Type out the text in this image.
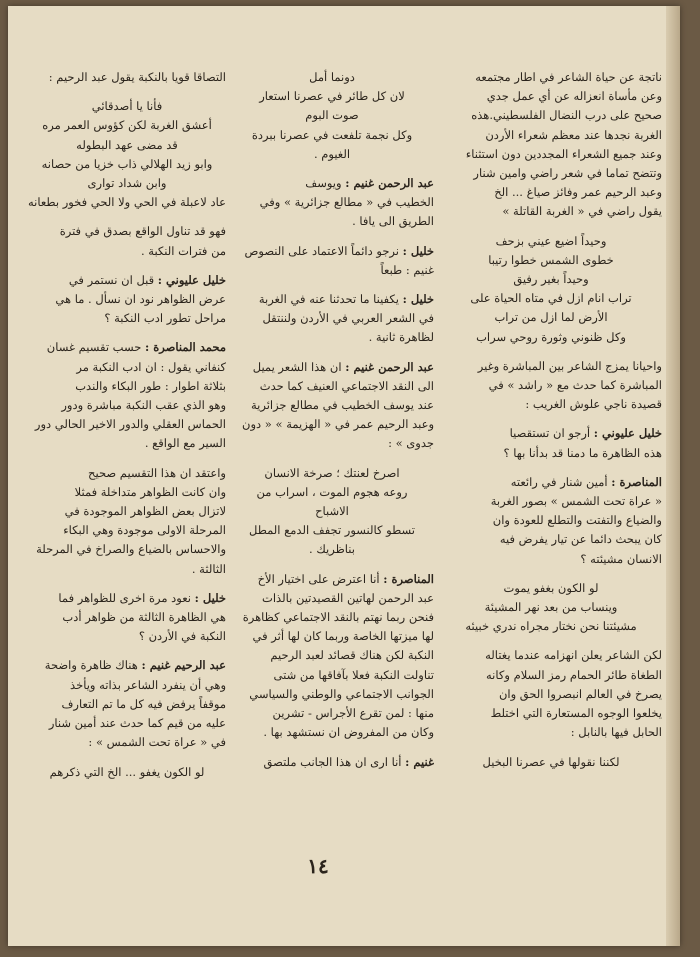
ناتجة عن حياة الشاعر في اطار مجتمعه
وعن مأساة انعزاله عن أي عمل جدي
صحيح على درب النضال الفلسطيني.هذه
الغربة نجدها عند معظم شعراء الأردن
وعند جميع الشعراء المجددين دون استثناء
وتتضح تماما في شعر راضي وامين شنار
وعبد الرحيم عمر وفائز صياغ ... الخ
يقول راضي في « الغربة القاتلة »

وحيداً اضيع عيني بزحف
خطوى الشمس خطوا رتيبا
وحيداً بغير رفيق
تراب انام ازل في متاه الحياة على
الأرض لما ازل من تراب
وكل ظنوني وثورة روحي سراب

واحيانا يمزج الشاعر بين المباشرة وغير
المباشرة كما حدث مع « راشد » في
قصيدة ناجي علوش الغريب :

خليل عليوني : أرجو ان تستقصيا
هذه الظاهرة ما دمنا قد بدأنا بها ؟

المناصرة : أمين شنار في رائعته
« عراة تحت الشمس » بصور الغربة
والضياع والتفتت والتطلع للعودة وان
كان يبحث دائما عن تيار يفرض فيه
الانسان مشيئته ؟

لو الكون بغفو يموت
وينساب من بعد نهر المشيئة
مشيئتنا نحن نختار مجراه ندري خبيئه

لكن الشاعر يعلن انهزامه عندما يغتاله
الطغاة طائر الحمام رمز السلام وكانه
يصرخ في العالم انبصروا الحق وان
يخلعوا الوجوه المستعارة التي اختلط
الحابل فيها بالنابل :

لكننا نقولها في عصرنا البخيل

دونما أمل
لان كل طائر في عصرنا استعار
صوت البوم
وكل نجمة تلفعت في عصرنا ببردة
الغيوم .

عبد الرحمن غنيم : ويوسف
الخطيب في « مطالع جزائرية » وفي
الطريق الى يافا .

خليل : نرجو دائماً الاعتماد على النصوص
غنيم : طبعاً

خليل : يكفينا ما تحدثنا عنه في الغربة
في الشعر العربي في الأردن ولننتقل
لظاهرة ثانية .

عبد الرحمن غنيم : ان هذا الشعر يميل
الى النقد الاجتماعي العنيف كما حدث
عند يوسف الخطيب في مطالع جزائرية
وعبد الرحيم عمر في « الهزيمة » « دون
جدوى » :

اصرخ لعنتك ؛ صرخة الانسان
روعه هجوم الموت ، اسراب من
الاشباح
تسطو كالنسور تجفف الدمع المطل
بناظريك .

المناصرة : أنا اعترض على اختيار الأخ
عبد الرحمن لهاتين القصيدتين بالذات
فنحن ربما نهتم بالنقد الاجتماعي كظاهرة
لها ميزتها الخاصة وربما كان لها أثر في
النكبة لكن هناك قصائد لعبد الرحيم
تناولت النكبة فعلا بآفاقها من شتى
الجوانب الاجتماعي والوطني والسياسي
منها : لمن تقرع الأجراس - تشرين
وكان من المفروض ان نستشهد بها .

غنيم : أنا ارى ان هذا الجانب ملتصق

التصاقا قويا بالنكبة يقول عبد الرحيم :

فأنا يا أصدقائي
أعشق الغربة لكن كؤوس العمر مره
قد مضى عهد البطوله
وابو زيد الهلالي ذاب خزيا من حصانه
وابن شداد توارى
عاد لاعبلة في الحي ولا الحي فخور بطعانه

فهو قد تناول الواقع بصدق في فترة
من فترات النكبة .

خليل عليوني : قبل ان نستمر في
عرض الظواهر نود ان نسأل . ما هي
مراحل تطور ادب النكبة ؟

محمد المناصرة : حسب تقسيم غسان
كنفاني يقول : ان ادب النكبة مر
بثلاثة اطوار : طور البكاء والندب
وهو الذي عقب النكبة مباشرة ودور
الحماس العقلي والدور الاخير الحالي دور
السير مع الواقع .

واعتقد ان هذا التقسيم صحيح
وان كانت الظواهر متداخلة فمثلا
لاتزال بعض الظواهر الموجودة في
المرحلة الاولى موجودة وهي البكاء
والاحساس بالضياع والصراخ في المرحلة
الثالثة .

خليل : نعود مرة اخرى للظواهر فما
هي الظاهرة الثالثة من ظواهر أدب
النكبة في الأردن ؟

عبد الرحيم غنيم : هناك ظاهرة واضحة
وهي أن ينفرد الشاعر بذاته ويأخذ
موقفاً يرفض فيه كل ما تم التعارف
عليه من قيم كما حدث عند أمين شنار
في « عراة تحت الشمس » :

لو الكون يغفو ... الخ التي ذكرهم

١٤
